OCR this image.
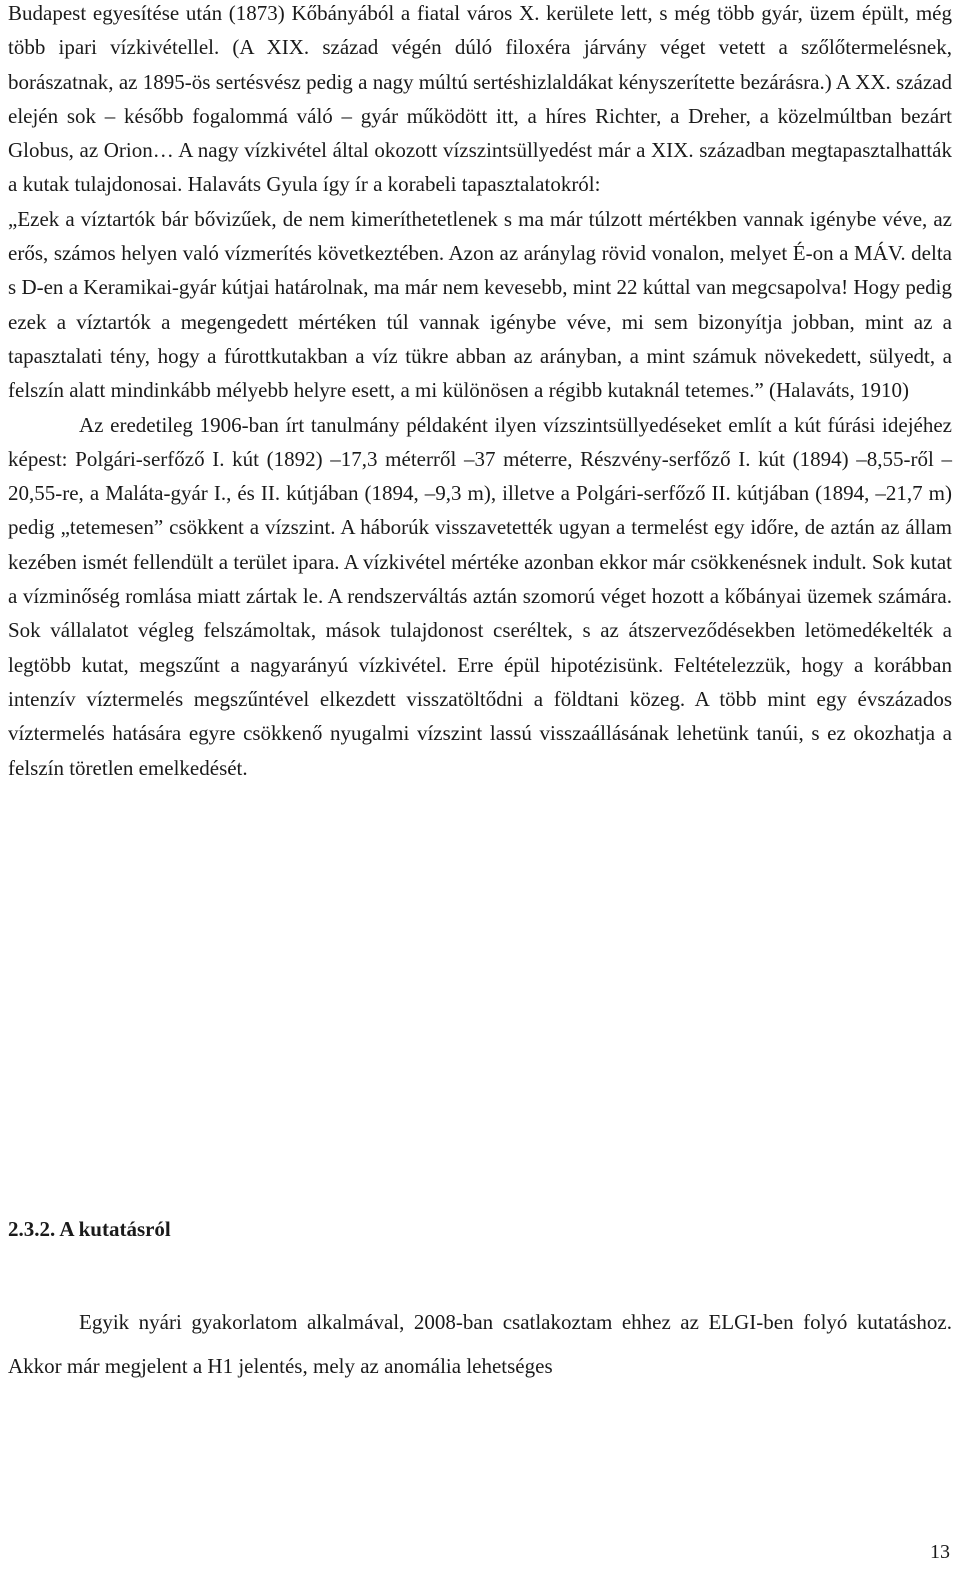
Budapest egyesítése után (1873) Kőbányából a fiatal város X. kerülete lett, s még több gyár, üzem épült, még több ipari vízkivétellel. (A XIX. század végén dúló filoxéra járvány véget vetett a szőlőtermelésnek, borászatnak, az 1895-ös sertésvész pedig a nagy múltú sertéshizlaldákat kényszerítette bezárásra.) A XX. század elején sok – később fogalommá váló – gyár működött itt, a híres Richter, a Dreher, a közelmúltban bezárt Globus, az Orion… A nagy vízkivétel által okozott vízszintsüllyedést már a XIX. században megtapasztalhatták a kutak tulajdonosai. Halaváts Gyula így ír a korabeli tapasztalatokról:

„Ezek a víztartók bár bővizűek, de nem kimeríthetetlenek s ma már túlzott mértékben vannak igénybe véve, az erős, számos helyen való vízmerítés következtében. Azon az aránylag rövid vonalon, melyet É-on a MÁV. delta s D-en a Keramikai-gyár kútjai határolnak, ma már nem kevesebb, mint 22 kúttal van megcsapolva! Hogy pedig ezek a víztartók a megengedett mértéken túl vannak igénybe véve, mi sem bizonyítja jobban, mint az a tapasztalati tény, hogy a fúrottkutakban a víz tükre abban az arányban, a mint számuk növekedett, sülyedt, a felszín alatt mindinkább mélyebb helyre esett, a mi különösen a régibb kutaknál tetemes.” (Halaváts, 1910)

Az eredetileg 1906-ban írt tanulmány példaként ilyen vízszintsüllyedéseket említ a kút fúrási idejéhez képest: Polgári-serfőző I. kút (1892) –17,3 méterről –37 méterre, Részvény-serfőző I. kút (1894) –8,55-ről –20,55-re, a Maláta-gyár I., és II. kútjában (1894, –9,3 m), illetve a Polgári-serfőző II. kútjában (1894, –21,7 m) pedig „tetemesen” csökkent a vízszint. A háborúk visszavetették ugyan a termelést egy időre, de aztán az állam kezében ismét fellendült a terület ipara. A vízkivétel mértéke azonban ekkor már csökkenésnek indult. Sok kutat a vízminőség romlása miatt zártak le. A rendszerváltás aztán szomorú véget hozott a kőbányai üzemek számára. Sok vállalatot végleg felszámoltak, mások tulajdonost cseréltek, s az átszerveződésekben letömedékelték a legtöbb kutat, megszűnt a nagyarányú vízkivétel. Erre épül hipotézisünk. Feltételezzük, hogy a korábban intenzív víztermelés megszűntével elkezdett visszatöltődni a földtani közeg. A több mint egy évszázados víztermelés hatására egyre csökkenő nyugalmi vízszint lassú visszaállásának lehetünk tanúi, s ez okozhatja a felszín töretlen emelkedését.

2.3.2. A kutatásról

Egyik nyári gyakorlatom alkalmával, 2008-ban csatlakoztam ehhez az ELGI-ben folyó kutatáshoz. Akkor már megjelent a H1 jelentés, mely az anomália lehetséges

13
